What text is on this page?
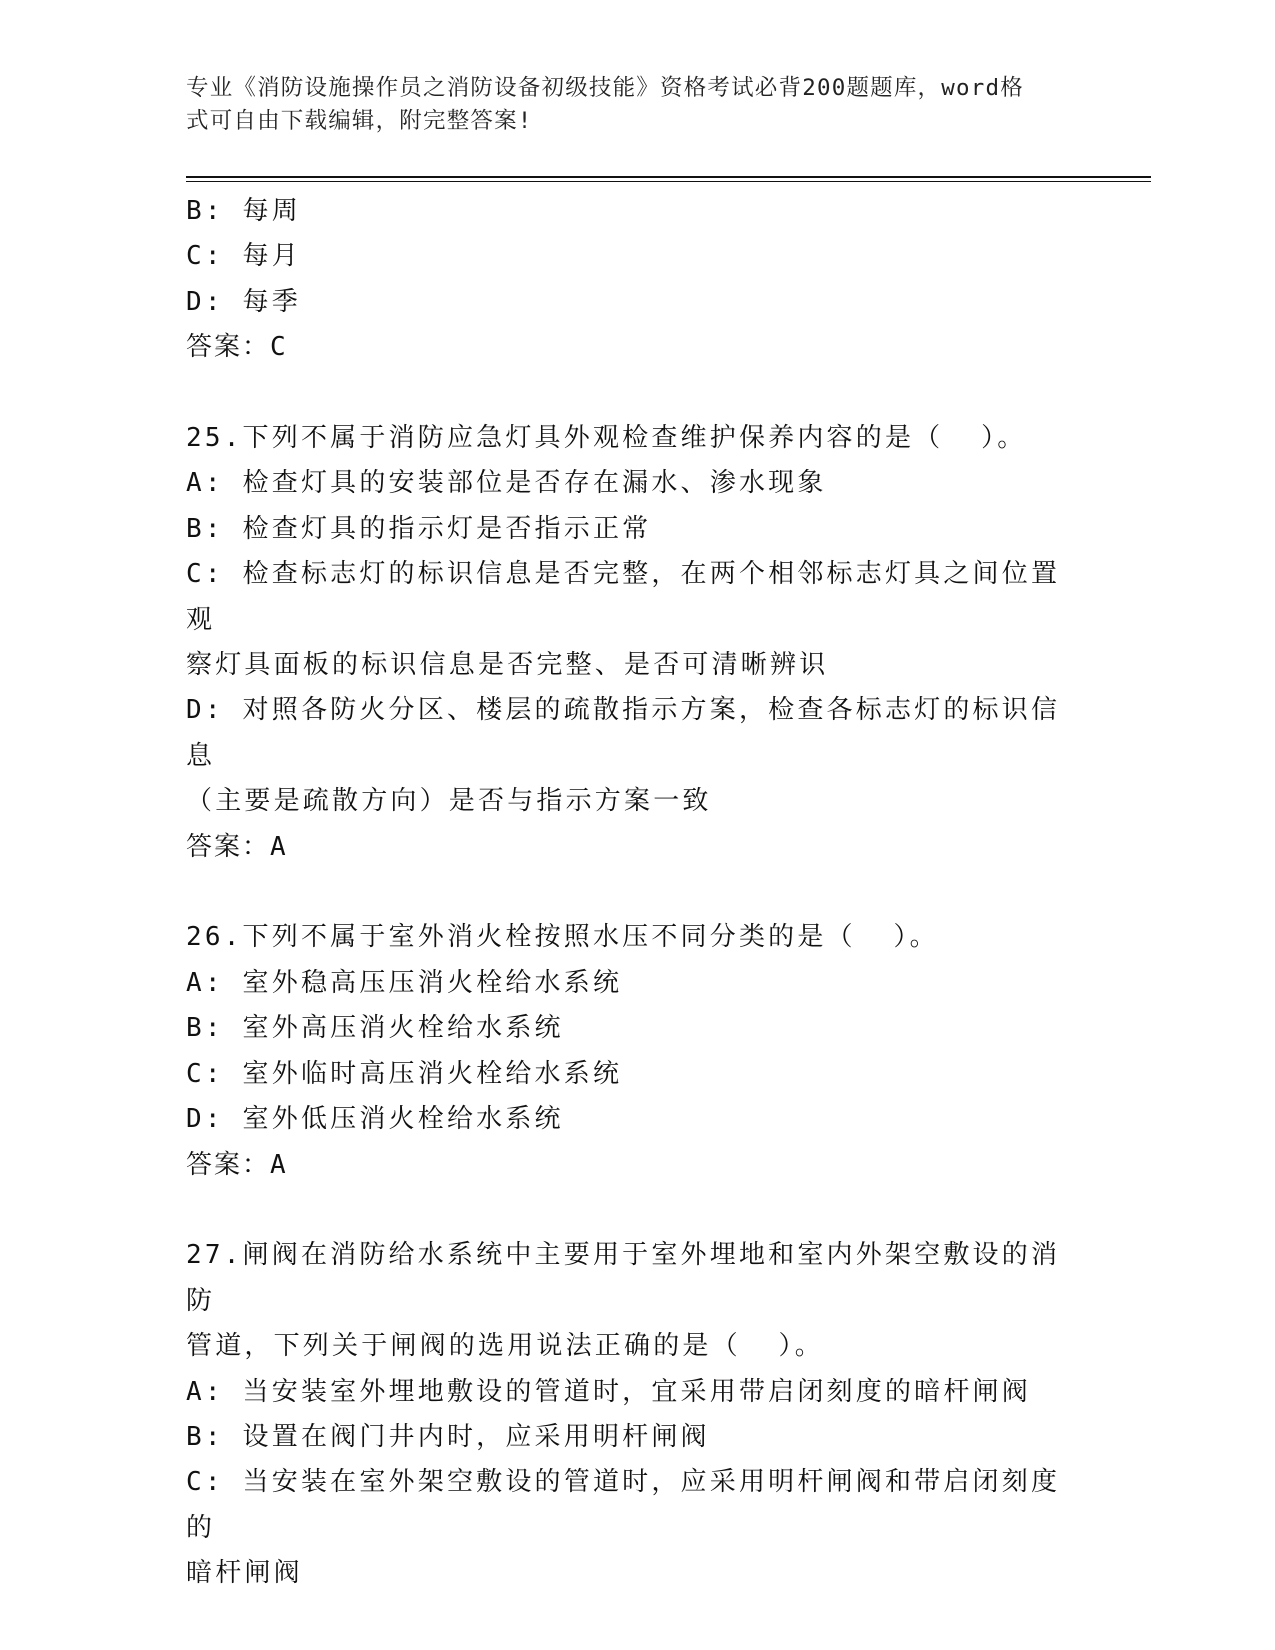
专业《消防设施操作员之消防设备初级技能》资格考试必背200题题库，word格
式可自由下载编辑，附完整答案!
B: 每周
C: 每月
D: 每季
答案：C
25.下列不属于消防应急灯具外观检查维护保养内容的是（  ）。
A: 检查灯具的安装部位是否存在漏水、渗水现象
B: 检查灯具的指示灯是否指示正常
C: 检查标志灯的标识信息是否完整，在两个相邻标志灯具之间位置观
察灯具面板的标识信息是否完整、是否可清晰辨识
D: 对照各防火分区、楼层的疏散指示方案，检查各标志灯的标识信息
（主要是疏散方向）是否与指示方案一致
答案：A
26.下列不属于室外消火栓按照水压不同分类的是（  ）。
A: 室外稳高压压消火栓给水系统
B: 室外高压消火栓给水系统
C: 室外临时高压消火栓给水系统
D: 室外低压消火栓给水系统
答案：A
27.闸阀在消防给水系统中主要用于室外埋地和室内外架空敷设的消防
管道，下列关于闸阀的选用说法正确的是（  ）。
A: 当安装室外埋地敷设的管道时，宜采用带启闭刻度的暗杆闸阀
B: 设置在阀门井内时，应采用明杆闸阀
C: 当安装在室外架空敷设的管道时，应采用明杆闸阀和带启闭刻度的
暗杆闸阀
